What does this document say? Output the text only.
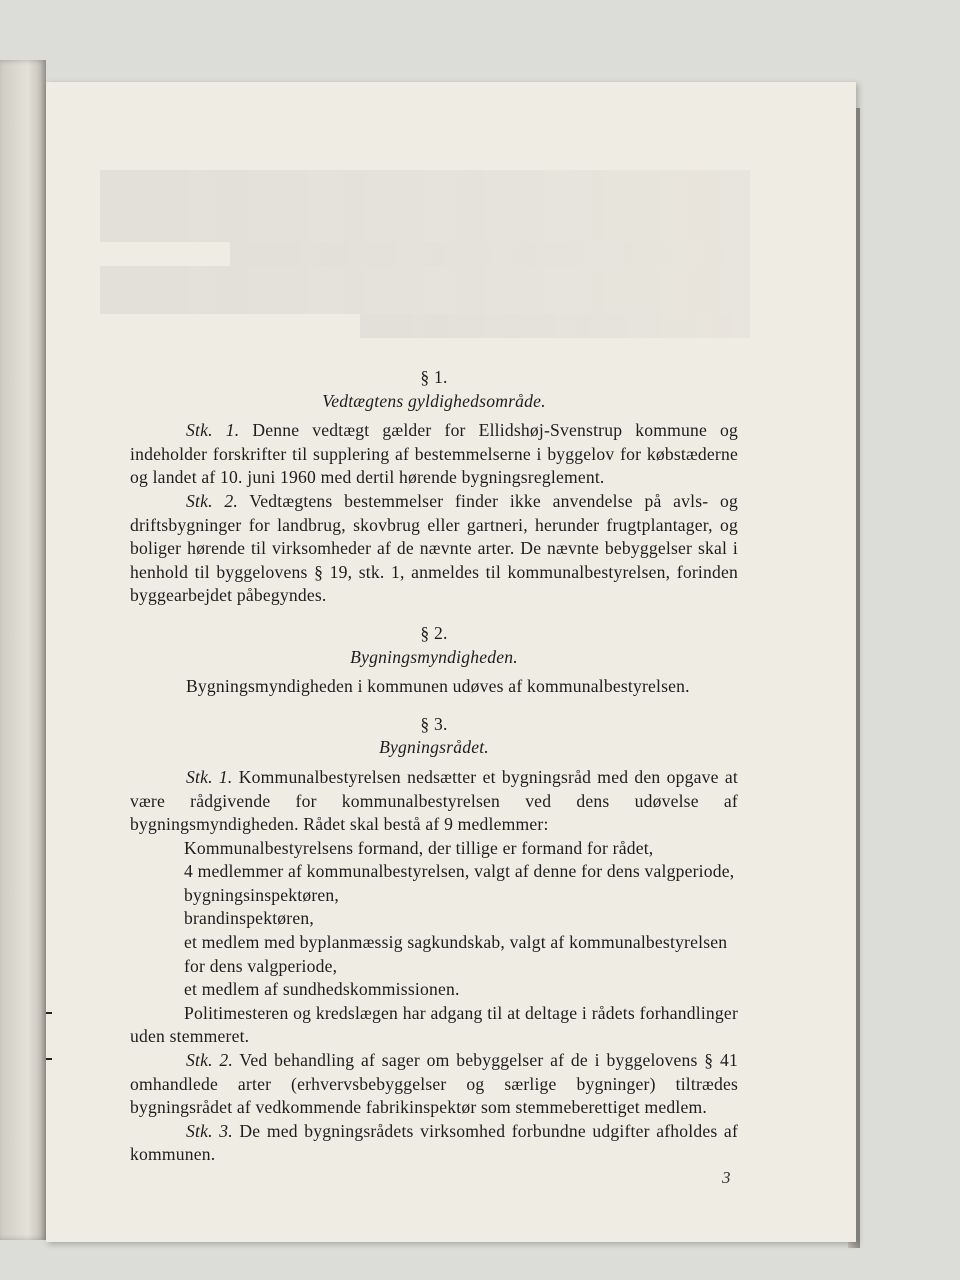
§ 1.

Vedtægtens gyldighedsområde.

Stk. 1. Denne vedtægt gælder for Ellidshøj-Svenstrup kommune og indeholder forskrifter til supplering af bestemmelserne i byggelov for købstæderne og landet af 10. juni 1960 med dertil hørende bygningsreglement.

Stk. 2. Vedtægtens bestemmelser finder ikke anvendelse på avls- og driftsbygninger for landbrug, skovbrug eller gartneri, herunder frugtplantager, og boliger hørende til virksomheder af de nævnte arter. De nævnte bebyggelser skal i henhold til byggelovens § 19, stk. 1, anmeldes til kommunalbestyrelsen, forinden byggearbejdet påbegyndes.

§ 2.

Bygningsmyndigheden.

Bygningsmyndigheden i kommunen udøves af kommunalbestyrelsen.

§ 3.

Bygningsrådet.

Stk. 1. Kommunalbestyrelsen nedsætter et bygningsråd med den opgave at være rådgivende for kommunalbestyrelsen ved dens udøvelse af bygningsmyndigheden. Rådet skal bestå af 9 medlemmer:

Kommunalbestyrelsens formand, der tillige er formand for rådet,
4 medlemmer af kommunalbestyrelsen, valgt af denne for dens valgperiode,
bygningsinspektøren,
brandinspektøren,
et medlem med byplanmæssig sagkundskab, valgt af kommunalbestyrelsen for dens valgperiode,
et medlem af sundhedskommissionen.

Politimesteren og kredslægen har adgang til at deltage i rådets forhandlinger uden stemmeret.

Stk. 2. Ved behandling af sager om bebyggelser af de i byggelovens § 41 omhandlede arter (erhvervsbebyggelser og særlige bygninger) tiltrædes bygningsrådet af vedkommende fabrikinspektør som stemmeberettiget medlem.

Stk. 3. De med bygningsrådets virksomhed forbundne udgifter afholdes af kommunen.

3
